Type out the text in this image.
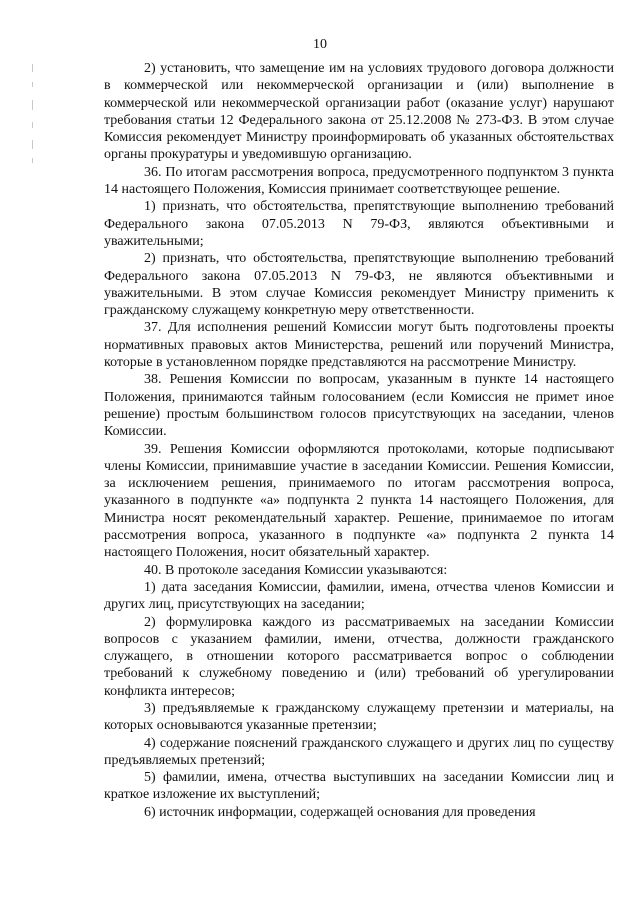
10

2) установить, что замещение им на условиях трудового договора должности в коммерческой или некоммерческой организации и (или) выполнение в коммерческой или некоммерческой организации работ (оказание услуг) нарушают требования статьи 12 Федерального закона от 25.12.2008 № 273-ФЗ. В этом случае Комиссия рекомендует Министру проинформировать об указанных обстоятельствах органы прокуратуры и уведомившую организацию.

36. По итогам рассмотрения вопроса, предусмотренного подпунктом 3 пункта 14 настоящего Положения, Комиссия принимает соответствующее решение.

1) признать, что обстоятельства, препятствующие выполнению требований Федерального закона 07.05.2013 N 79-ФЗ, являются объективными и уважительными;

2) признать, что обстоятельства, препятствующие выполнению требований Федерального закона 07.05.2013 N 79-ФЗ, не являются объективными и уважительными. В этом случае Комиссия рекомендует Министру применить к гражданскому служащему конкретную меру ответственности.

37. Для исполнения решений Комиссии могут быть подготовлены проекты нормативных правовых актов Министерства, решений или поручений Министра, которые в установленном порядке представляются на рассмотрение Министру.

38. Решения Комиссии по вопросам, указанным в пункте 14 настоящего Положения, принимаются тайным голосованием (если Комиссия не примет иное решение) простым большинством голосов присутствующих на заседании, членов Комиссии.

39. Решения Комиссии оформляются протоколами, которые подписывают члены Комиссии, принимавшие участие в заседании Комиссии. Решения Комиссии, за исключением решения, принимаемого по итогам рассмотрения вопроса, указанного в подпункте «а» подпункта 2 пункта 14 настоящего Положения, для Министра носят рекомендательный характер. Решение, принимаемое по итогам рассмотрения вопроса, указанного в подпункте «а» подпункта 2 пункта 14 настоящего Положения, носит обязательный характер.

40. В протоколе заседания Комиссии указываются:

1) дата заседания Комиссии, фамилии, имена, отчества членов Комиссии и других лиц, присутствующих на заседании;

2) формулировка каждого из рассматриваемых на заседании Комиссии вопросов с указанием фамилии, имени, отчества, должности гражданского служащего, в отношении которого рассматривается вопрос о соблюдении требований к служебному поведению и (или) требований об урегулировании конфликта интересов;

3) предъявляемые к гражданскому служащему претензии и материалы, на которых основываются указанные претензии;

4) содержание пояснений гражданского служащего и других лиц по существу предъявляемых претензий;

5) фамилии, имена, отчества выступивших на заседании Комиссии лиц и краткое изложение их выступлений;

6) источник информации, содержащей основания для проведения
